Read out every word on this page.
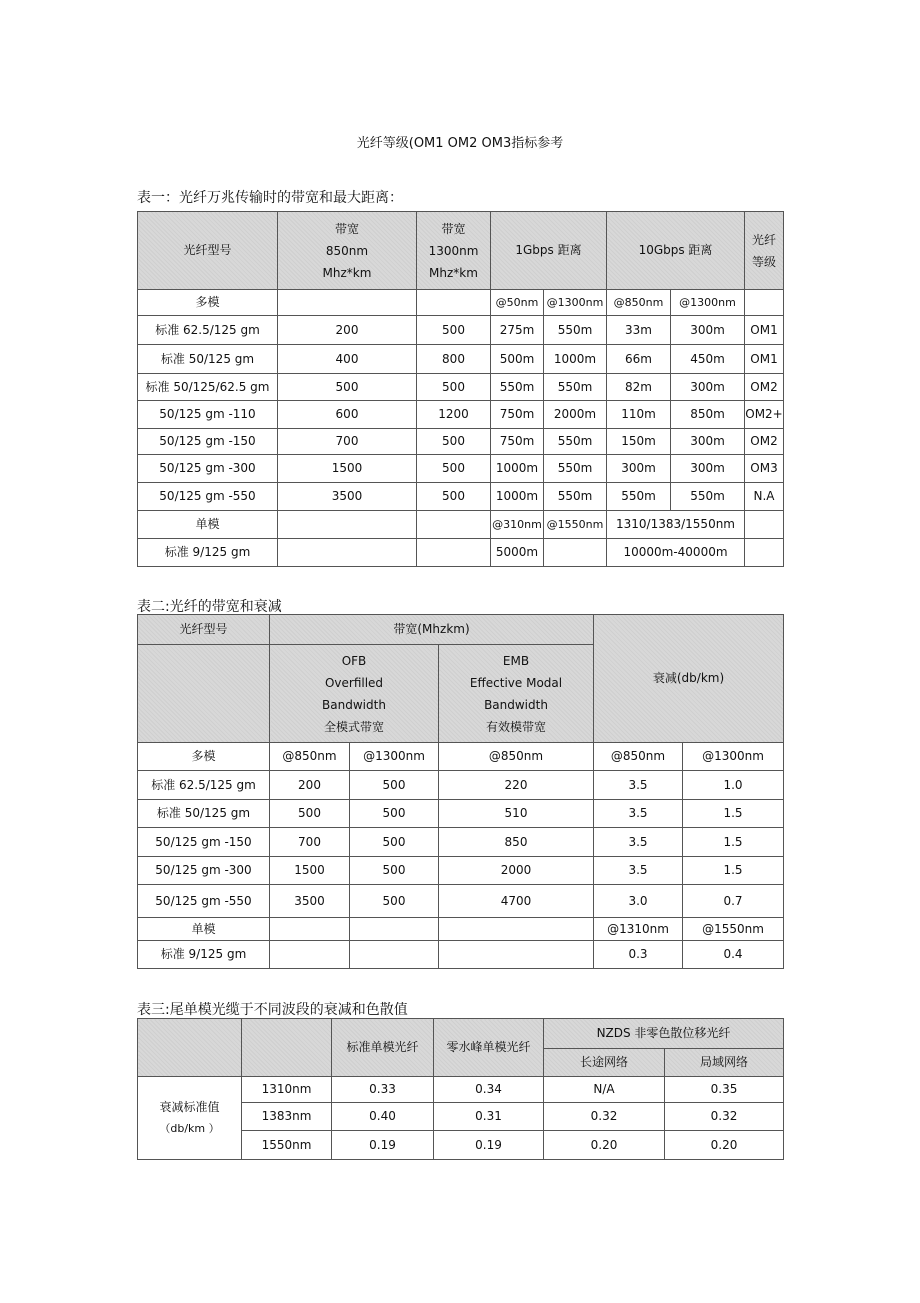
光纤等级(OM1 OM2 OM3指标参考
表一：光纤万兆传输时的带宽和最大距离：
光纤型号	带宽
850nm
Mhz*km	带宽
1300nm
Mhz*km	1Gbps 距离		10Gbps 距离		光纤
等级

多模			@50nm	@1300nm	@850nm	@1300nm	
标准 62.5/125 gm	200	500	275m	550m	33m	300m	OM1
标准 50/125 gm	400	800	500m	1000m	66m	450m	OM1
标准 50/125/62.5 gm	500	500	550m	550m	82m	300m	OM2
50/125 gm -110	600	1200	750m	2000m	110m	850m	OM2+
50/125 gm -150	700	500	750m	550m	150m	300m	OM2
50/125 gm -300	1500	500	1000m	550m	300m	300m	OM3
50/125 gm -550	3500	500	1000m	550m	550m	550m	N.A
单模			@310nm	@1550nm	1310/1383/1550nm		
标准 9/125 gm			5000m		10000m-40000m		
表二:光纤的带宽和衰减
光纤型号	带宽(Mhzkm)			衰减(db/km)	

	OFB
Overfilled
Bandwidth
全模式带宽		EMB
Effective Modal
Bandwidth
有效模带宽		

多模	@850nm	@1300nm	@850nm	@850nm	@1300nm
标准 62.5/125 gm	200	500	220	3.5	1.0
标准 50/125 gm	500	500	510	3.5	1.5
50/125 gm -150	700	500	850	3.5	1.5
50/125 gm -300	1500	500	2000	3.5	1.5
50/125 gm -550	3500	500	4700	3.0	0.7
单模				@1310nm	@1550nm
标准 9/125 gm				0.3	0.4
表三:尾单模光缆于不同波段的衰减和色散值
		标准单模光纤	零水峰单模光纤	NZDS 非零色散位移光纤	
				长途网络	局域网络

衰减标准值
（db/km ）	1310nm	0.33	0.34	N/A	0.35
	1383nm	0.40	0.31	0.32	0.32
	1550nm	0.19	0.19	0.20	0.20
